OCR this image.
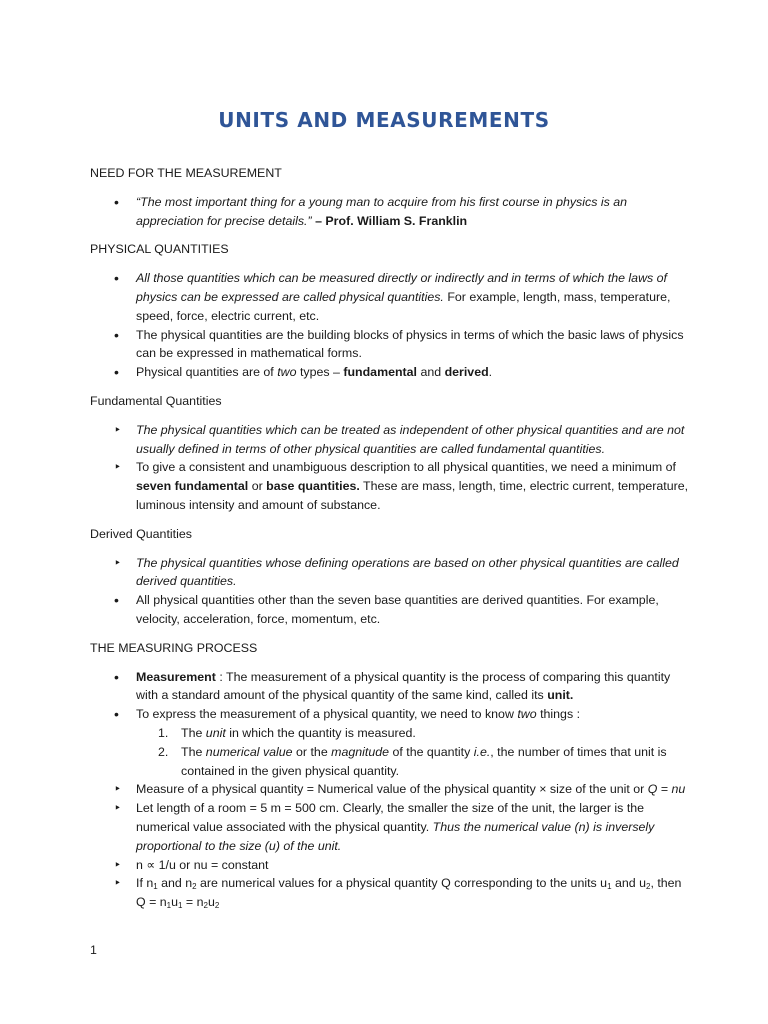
UNITS AND MEASUREMENTS

NEED FOR THE MEASUREMENT

• “The most important thing for a young man to acquire from his first course in physics is an appreciation for precise details.” – Prof. William S. Franklin

PHYSICAL QUANTITIES

• All those quantities which can be measured directly or indirectly and in terms of which the laws of physics can be expressed are called physical quantities. For example, length, mass, temperature, speed, force, electric current, etc.
• The physical quantities are the building blocks of physics in terms of which the basic laws of physics can be expressed in mathematical forms.
• Physical quantities are of two types – fundamental and derived.

Fundamental Quantities

‣ The physical quantities which can be treated as independent of other physical quantities and are not usually defined in terms of other physical quantities are called fundamental quantities.
‣ To give a consistent and unambiguous description to all physical quantities, we need a minimum of seven fundamental or base quantities. These are mass, length, time, electric current, temperature, luminous intensity and amount of substance.

Derived Quantities

‣ The physical quantities whose defining operations are based on other physical quantities are called derived quantities.
• All physical quantities other than the seven base quantities are derived quantities. For example, velocity, acceleration, force, momentum, etc.

THE MEASURING PROCESS

• Measurement : The measurement of a physical quantity is the process of comparing this quantity with a standard amount of the physical quantity of the same kind, called its unit.
• To express the measurement of a physical quantity, we need to know two things :
1. The unit in which the quantity is measured.
2. The numerical value or the magnitude of the quantity i.e., the number of times that unit is contained in the given physical quantity.
‣ Measure of a physical quantity = Numerical value of the physical quantity × size of the unit or Q = nu
‣ Let length of a room = 5 m = 500 cm. Clearly, the smaller the size of the unit, the larger is the numerical value associated with the physical quantity. Thus the numerical value (n) is inversely proportional to the size (u) of the unit.
‣ n ∝ 1/u or nu = constant
‣ If $n_1$ and $n_2$ are numerical values for a physical quantity Q corresponding to the units $u_1$ and $u_2$, then $Q = n_1u_1 = n_2u_2$
1
